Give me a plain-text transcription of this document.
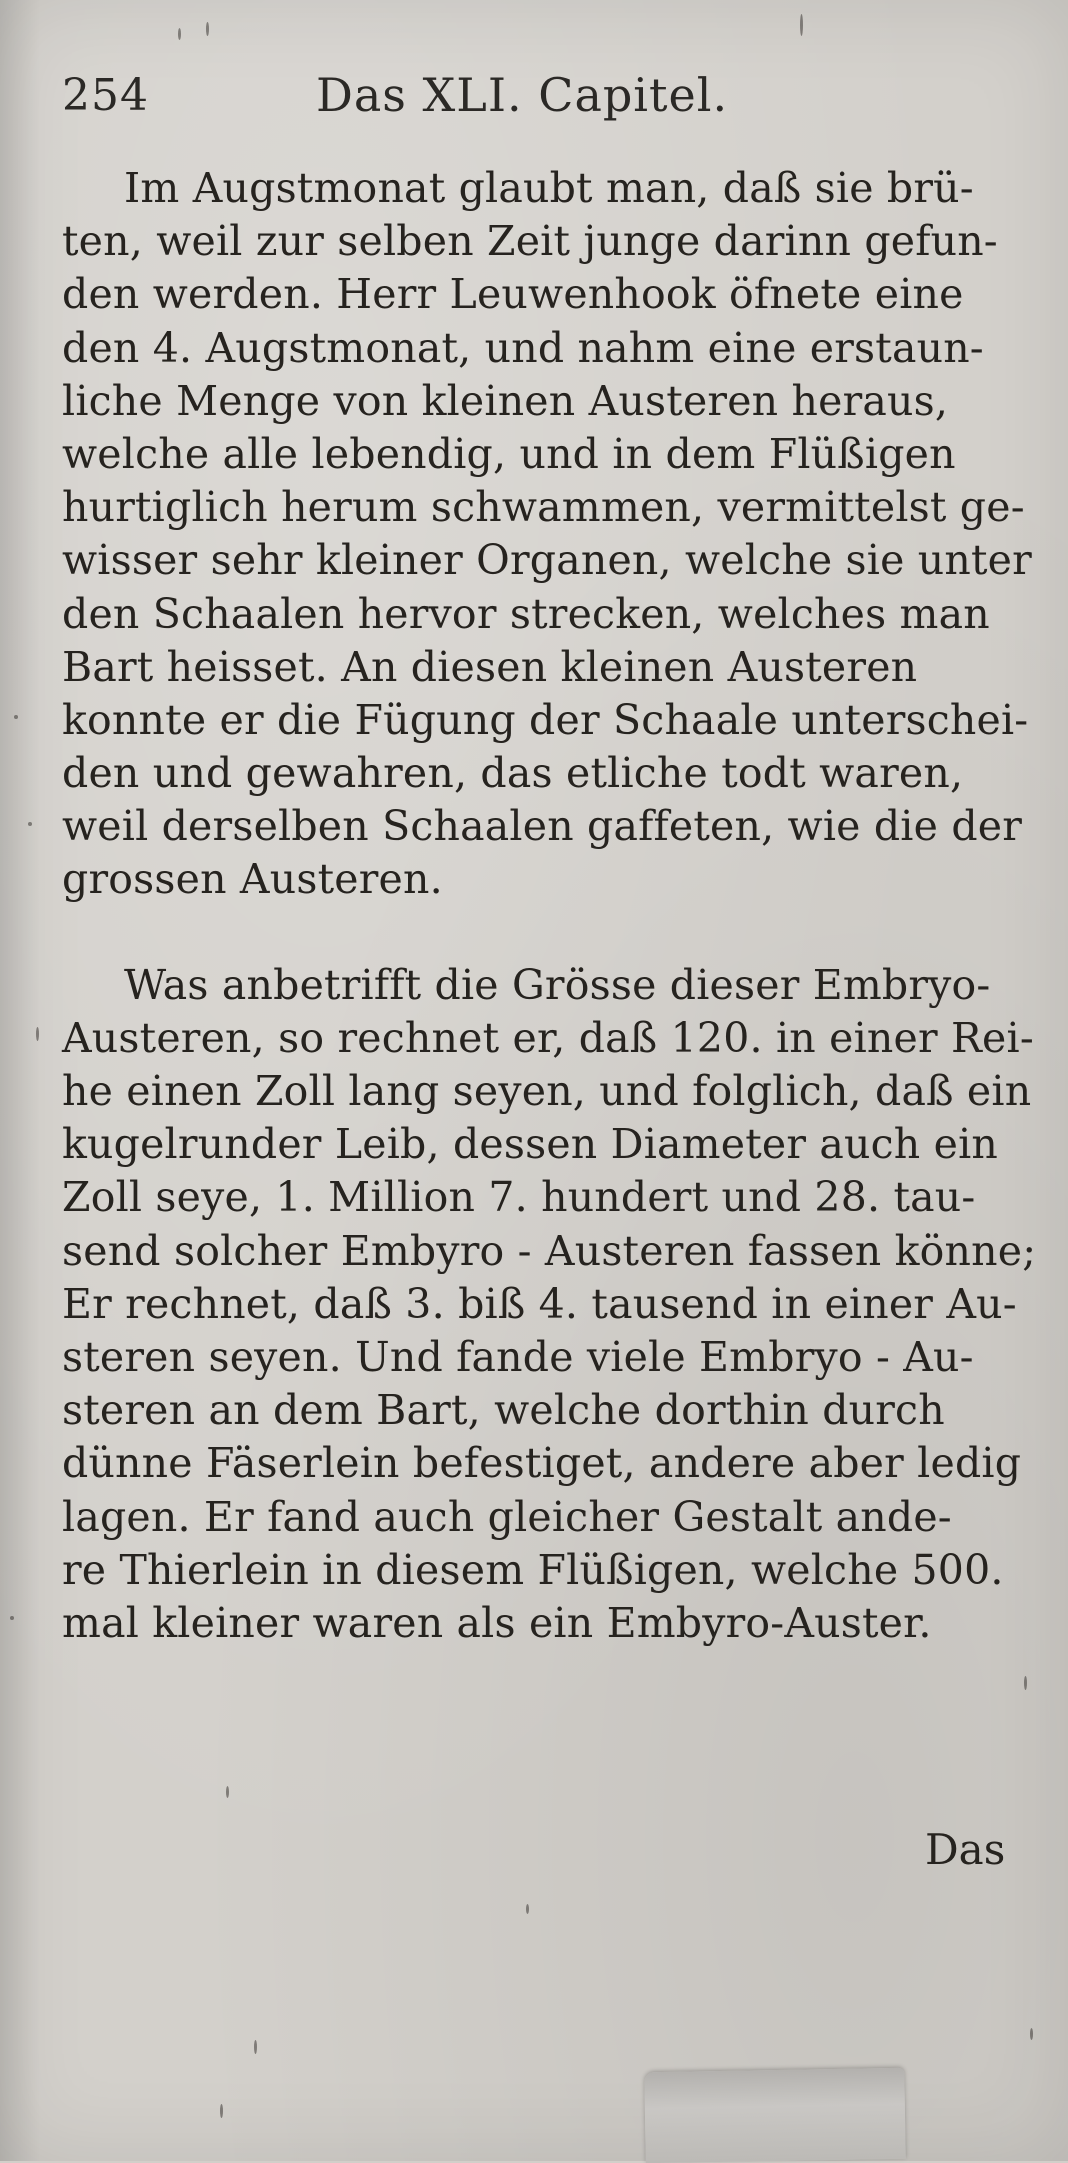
254	Das XLI. Capitel.
Im Augstmonat glaubt man, daß sie brü-
ten, weil zur selben Zeit junge darinn gefun-
den werden. Herr Leuwenhook öfnete eine
den 4. Augstmonat, und nahm eine erstaun-
liche Menge von kleinen Austeren heraus,
welche alle lebendig, und in dem Flüßigen
hurtiglich herum schwammen, vermittelst ge-
wisser sehr kleiner Organen, welche sie unter
den Schaalen hervor strecken, welches man
Bart heisset. An diesen kleinen Austeren
konnte er die Fügung der Schaale unterschei-
den und gewahren, das etliche todt waren,
weil derselben Schaalen gaffeten, wie die der
grossen Austeren.
Was anbetrifft die Grösse dieser Embryo-
Austeren, so rechnet er, daß 120. in einer Rei-
he einen Zoll lang seyen, und folglich, daß ein
kugelrunder Leib, dessen Diameter auch ein
Zoll seye, 1. Million 7. hundert und 28. tau-
send solcher Embyro - Austeren fassen könne;
Er rechnet, daß 3. biß 4. tausend in einer Au-
steren seyen. Und fande viele Embryo - Au-
steren an dem Bart, welche dorthin durch
dünne Fäserlein befestiget, andere aber ledig
lagen. Er fand auch gleicher Gestalt ande-
re Thierlein in diesem Flüßigen, welche 500.
mal kleiner waren als ein Embyro-Auster.
Das
